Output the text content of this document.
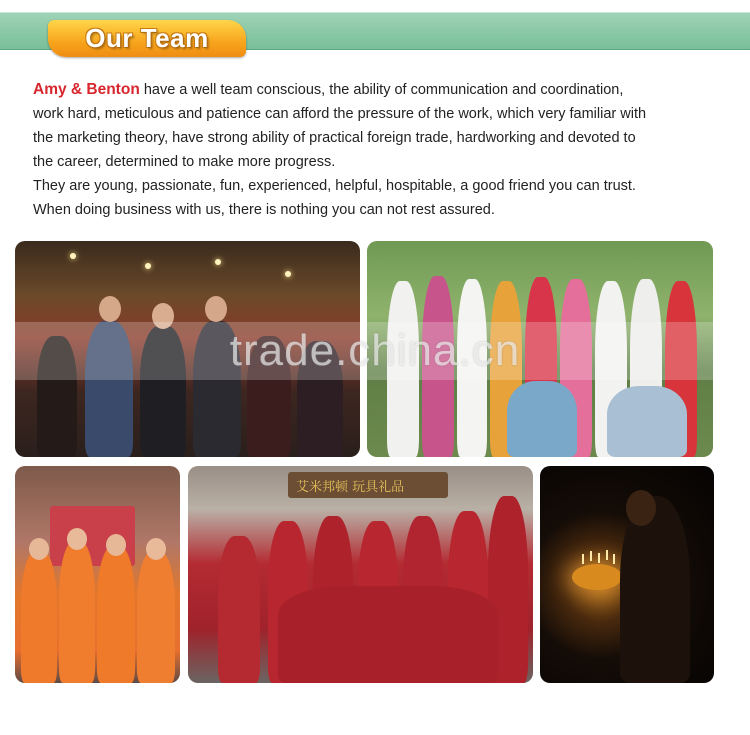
Our Team
Amy & Benton have a well team conscious, the ability of communication and coordination,
work hard, meticulous and patience can afford the pressure of the work, which very familiar with
the marketing theory, have strong ability of practical foreign trade, hardworking and devoted to
the career, determined to make more progress.
They are young, passionate, fun, experienced, helpful, hospitable, a good friend you can trust.
When doing business with us, there is nothing you can not rest assured.
艾米邦顿 玩具礼品
trade.china.cn
